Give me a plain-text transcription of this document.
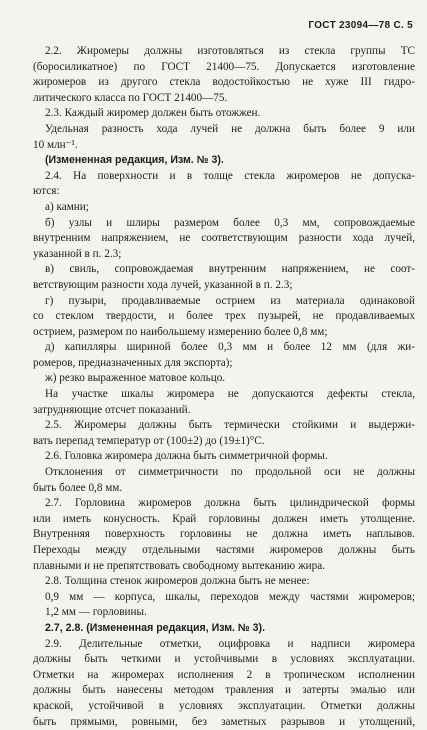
ГОСТ 23094—78 С. 5
2.2. Жиромеры должны изготовляться из стекла группы ТС
(боросиликатное) по ГОСТ 21400—75. Допускается изготовление
жиромеров из другого стекла водостойкостью не хуже III гидро-
литического класса по ГОСТ 21400—75.
2.3. Каждый жиромер должен быть отожжен.
Удельная разность хода лучей не должна быть более 9 или
10 млн⁻¹.
(Измененная редакция, Изм. № 3).
2.4. На поверхности и в толще стекла жиромеров не допуска-
ются:
а) камни;
б) узлы и шлиры размером более 0,3 мм, сопровождаемые
внутренним напряжением, не соответствующим разности хода лучей,
указанной в п. 2.3;
в) свиль, сопровождаемая внутренним напряжением, не соот-
ветствующим разности хода лучей, указанной в п. 2.3;
г) пузыри, продавливаемые острием из материала одинаковой
со стеклом твердости, и более трех пузырей, не продавливаемых
острием, размером по наибольшему измерению более 0,8 мм;
д) капилляры шириной более 0,3 мм и более 12 мм (для жи-
ромеров, предназначенных для экспорта);
ж) резко выраженное матовое кольцо.
На участке шкалы жиромера не допускаются дефекты стекла,
затрудняющие отсчет показаний.
2.5. Жиромеры должны быть термически стойкими и выдержи-
вать перепад температур от (100±2) до (19±1)°С.
2.6. Головка жиромера должна быть симметричной формы.
Отклонения от симметричности по продольной оси не должны
быть более 0,8 мм.
2.7. Горловина жиромеров должна быть цилиндрической формы
или иметь конусность. Край горловины должен иметь утолщение.
Внутренняя поверхность горловины не должна иметь наплывов.
Переходы между отдельными частями жиромеров должны быть
плавными и не препятствовать свободному вытеканию жира.
2.8. Толщина стенок жиромеров должна быть не менее:
0,9 мм — корпуса, шкалы, переходов между частями жиромеров;
1,2 мм — горловины.
2.7, 2.8. (Измененная редакция, Изм. № 3).
2.9. Делительные отметки, оцифровка и надписи жиромера
должны быть четкими и устойчивыми в условиях эксплуатации.
Отметки на жиромерах исполнения 2 в тропическом исполнении
должны быть нанесены методом травления и затерты эмалью или
краской, устойчивой в условиях эксплуатации. Отметки должны
быть прямыми, ровными, без заметных разрывов и утолщений,
